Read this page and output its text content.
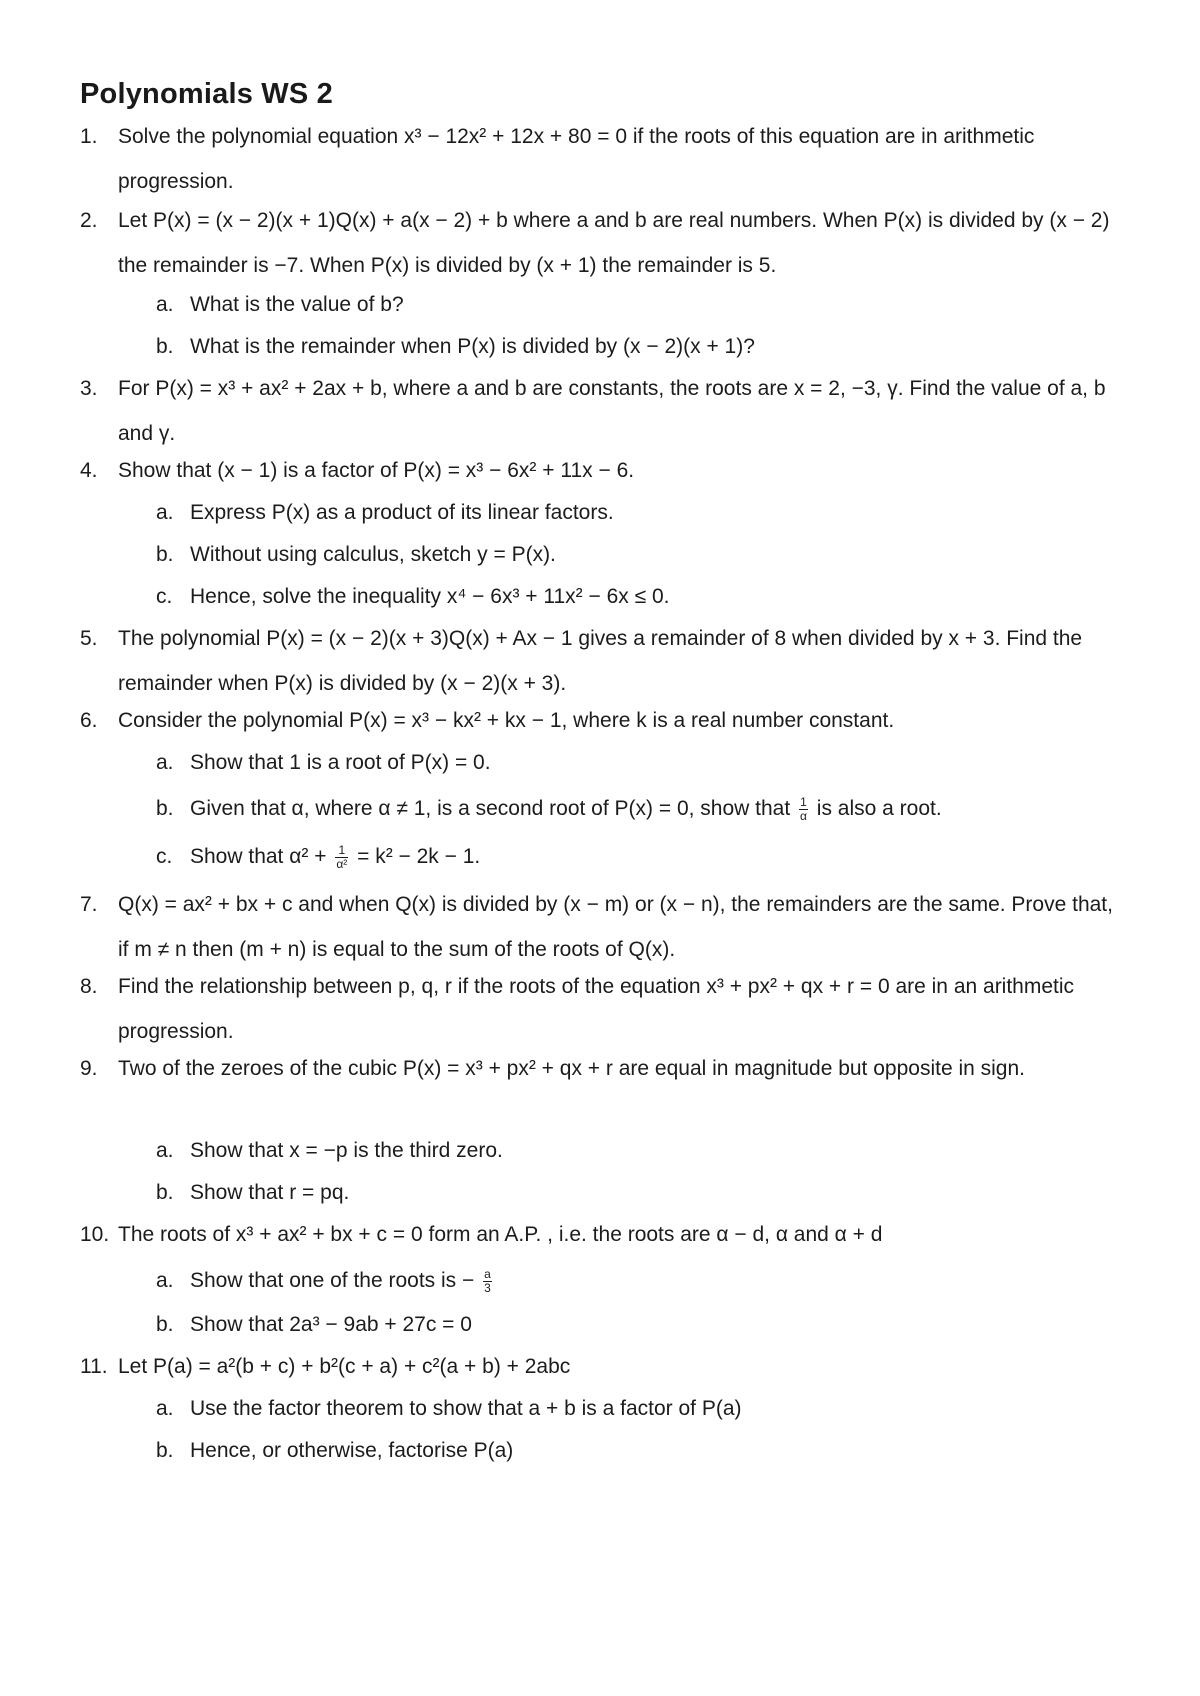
Polynomials WS 2
1. Solve the polynomial equation x³ − 12x² + 12x + 80 = 0 if the roots of this equation are in arithmetic progression.
2. Let P(x) = (x − 2)(x + 1)Q(x) + a(x − 2) + b where a and b are real numbers. When P(x) is divided by (x − 2) the remainder is −7. When P(x) is divided by (x + 1) the remainder is 5.
a. What is the value of b?
b. What is the remainder when P(x) is divided by (x − 2)(x + 1)?
3. For P(x) = x³ + ax² + 2ax + b, where a and b are constants, the roots are x = 2, −3, γ. Find the value of a, b and γ.
4. Show that (x − 1) is a factor of P(x) = x³ − 6x² + 11x − 6.
a. Express P(x) as a product of its linear factors.
b. Without using calculus, sketch y = P(x).
c. Hence, solve the inequality x⁴ − 6x³ + 11x² − 6x ≤ 0.
5. The polynomial P(x) = (x − 2)(x + 3)Q(x) + Ax − 1 gives a remainder of 8 when divided by x + 3. Find the remainder when P(x) is divided by (x − 2)(x + 3).
6. Consider the polynomial P(x) = x³ − kx² + kx − 1, where k is a real number constant.
a. Show that 1 is a root of P(x) = 0.
b. Given that α, where α ≠ 1, is a second root of P(x) = 0, show that $\frac{1}{\alpha}$ is also a root.
c. Show that $\alpha^2 + \frac{1}{\text{α²}} = k^2 - 2k - 1$.
7. Q(x) = ax² + bx + c and when Q(x) is divided by (x − m) or (x − n), the remainders are the same. Prove that, if m ≠ n then (m + n) is equal to the sum of the roots of Q(x).
8. Find the relationship between p, q, r if the roots of the equation x³ + px² + qx + r = 0 are in an arithmetic progression.
9. Two of the zeroes of the cubic P(x) = x³ + px² + qx + r are equal in magnitude but opposite in sign.
a. Show that x = −p is the third zero.
b. Show that r = pq.
10. The roots of x³ + ax² + bx + c = 0 form an A.P. , i.e. the roots are α − d, α and α + d
a. Show that one of the roots is − $\frac{a}{3}$
b. Show that 2a³ − 9ab + 27c = 0
11. Let P(a) = a²(b + c) + b²(c + a) + c²(a + b) + 2abc
a. Use the factor theorem to show that a + b is a factor of P(a)
b. Hence, or otherwise, factorise P(a)
